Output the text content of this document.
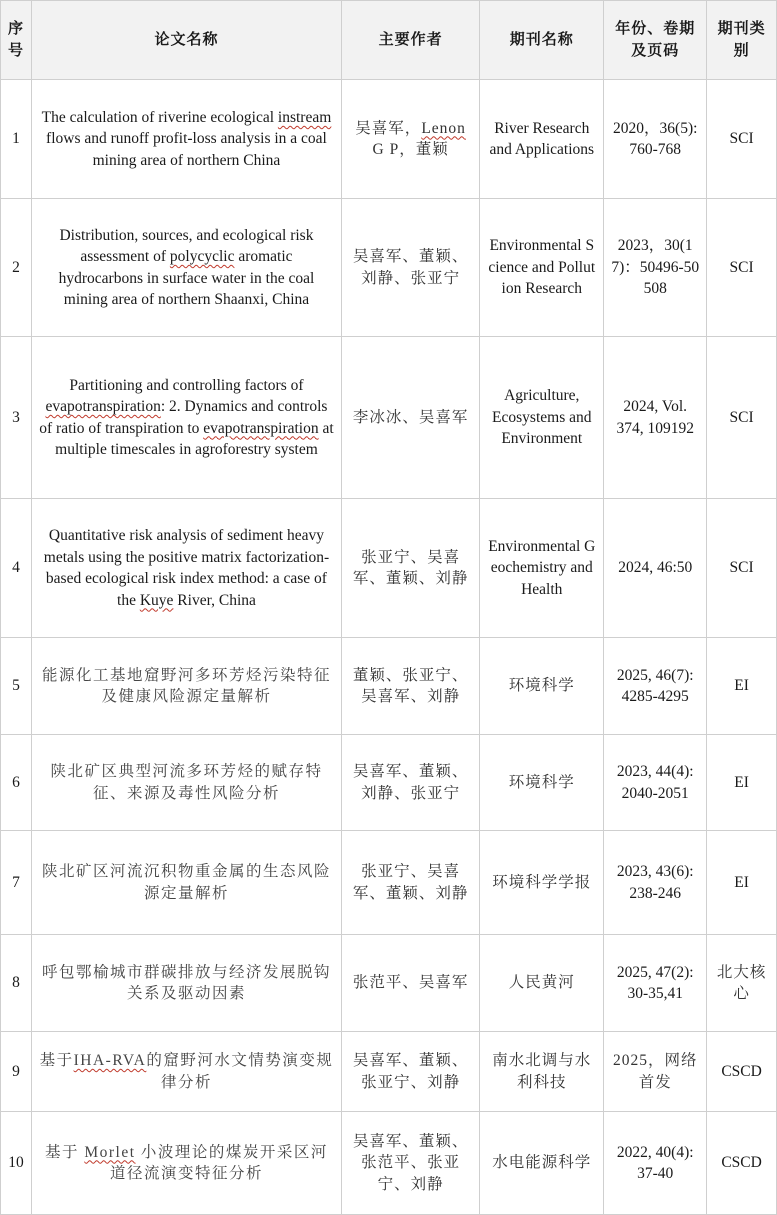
序号	论文名称	主要作者	期刊名称	年份、卷期及页码	期刊类别
1	The calculation of riverine ecological instream flows and runoff profit-loss analysis in a coal mining area of northern China	吴喜军，Lenon G P，董颖	River Research and Applications	2020，36(5): 760-768	SCI
2	Distribution, sources, and ecological risk assessment of polycyclic aromatic hydrocarbons in surface water in the coal mining area of northern Shaanxi, China	吴喜军、董颖、刘静、张亚宁	Environmental Science and Pollution Research	2023，30(17)：50496-50508	SCI
3	Partitioning and controlling factors of evapotranspiration: 2. Dynamics and controls of ratio of transpiration to evapotranspiration at multiple timescales in agroforestry system	李冰冰、吴喜军	Agriculture, Ecosystems and Environment	2024, Vol. 374, 109192	SCI
4	Quantitative risk analysis of sediment heavy metals using the positive matrix factorization-based ecological risk index method: a case of the Kuye River, China	张亚宁、吴喜军、董颖、刘静	Environmental Geochemistry and Health	2024, 46:50	SCI
5	能源化工基地窟野河多环芳烃污染特征及健康风险源定量解析	董颖、张亚宁、吴喜军、刘静	环境科学	2025, 46(7): 4285-4295	EI
6	陕北矿区典型河流多环芳烃的赋存特征、来源及毒性风险分析	吴喜军、董颖、刘静、张亚宁	环境科学	2023, 44(4): 2040-2051	EI
7	陕北矿区河流沉积物重金属的生态风险源定量解析	张亚宁、吴喜军、董颖、刘静	环境科学学报	2023, 43(6): 238-246	EI
8	呼包鄂榆城市群碳排放与经济发展脱钩关系及驱动因素	张范平、吴喜军	人民黄河	2025, 47(2): 30-35,41	北大核心
9	基于IHA-RVA的窟野河水文情势演变规律分析	吴喜军、董颖、张亚宁、刘静	南水北调与水利科技	2025，网络首发	CSCD
10	基于 Morlet 小波理论的煤炭开采区河道径流演变特征分析	吴喜军、董颖、张范平、张亚宁、刘静	水电能源科学	2022, 40(4): 37-40	CSCD
